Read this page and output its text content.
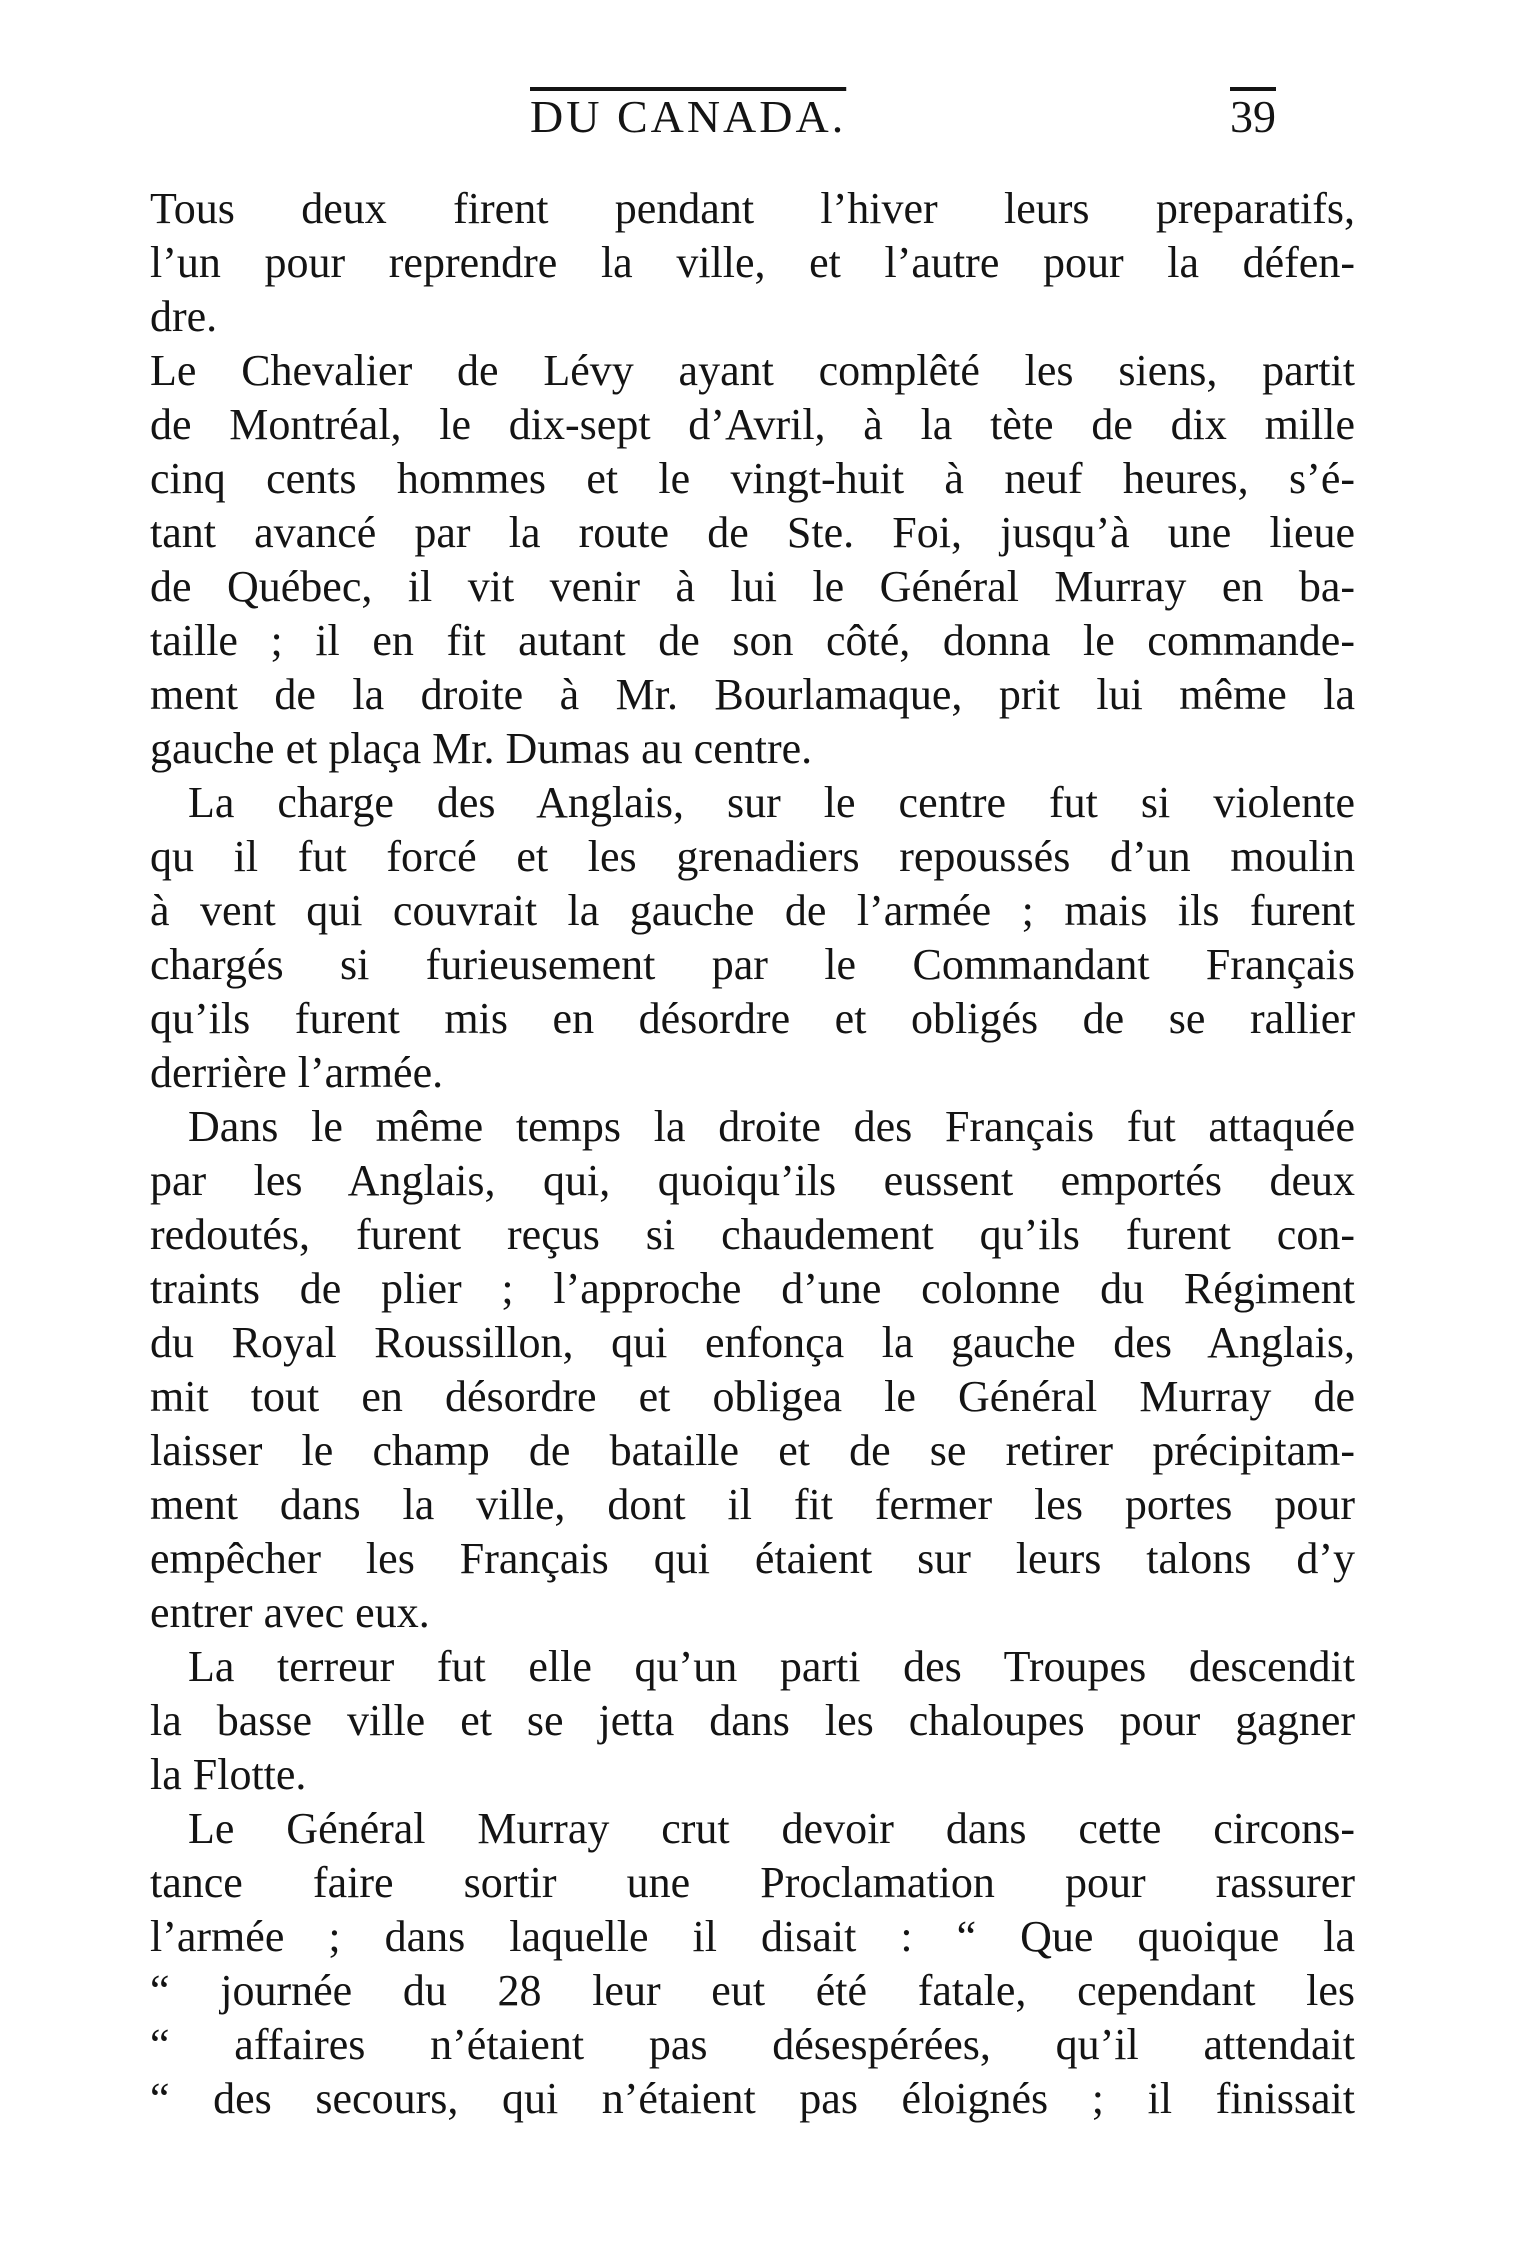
DU CANADA.	39
Tous deux firent pendant l’hiver leurs preparatifs,
l’un pour reprendre la ville, et l’autre pour la défen-
dre.
Le Chevalier de Lévy ayant complêté les siens, partit
de Montréal, le dix-sept d’Avril, à la tète de dix mille
cinq cents hommes et le vingt-huit à neuf heures, s’é-
tant avancé par la route de Ste. Foi, jusqu’à une lieue
de Québec, il vit venir à lui le Général Murray en ba-
taille ; il en fit autant de son côté, donna le commande-
ment de la droite à Mr. Bourlamaque, prit lui même la
gauche et plaça Mr. Dumas au centre.
La charge des Anglais, sur le centre fut si violente
qu il fut forcé et les grenadiers repoussés d’un moulin
à vent qui couvrait la gauche de l’armée ; mais ils furent
chargés si furieusement par le Commandant Français
qu’ils furent mis en désordre et obligés de se rallier
derrière l’armée.
Dans le même temps la droite des Français fut attaquée
par les Anglais, qui, quoiqu’ils eussent emportés deux
redoutés, furent reçus si chaudement qu’ils furent con-
traints de plier ; l’approche d’une colonne du Régiment
du Royal Roussillon, qui enfonça la gauche des Anglais,
mit tout en désordre et obligea le Général Murray de
laisser le champ de bataille et de se retirer précipitam-
ment dans la ville, dont il fit fermer les portes pour
empêcher les Français qui étaient sur leurs talons d’y
entrer avec eux.
La terreur fut elle qu’un parti des Troupes descendit
la basse ville et se jetta dans les chaloupes pour gagner
la Flotte.
Le Général Murray crut devoir dans cette circons-
tance faire sortir une Proclamation pour rassurer
l’armée ; dans laquelle il disait : “ Que quoique la
“ journée du 28 leur eut été fatale, cependant les
“ affaires n’étaient pas désespérées, qu’il attendait
“ des secours, qui n’étaient pas éloignés ; il finissait
